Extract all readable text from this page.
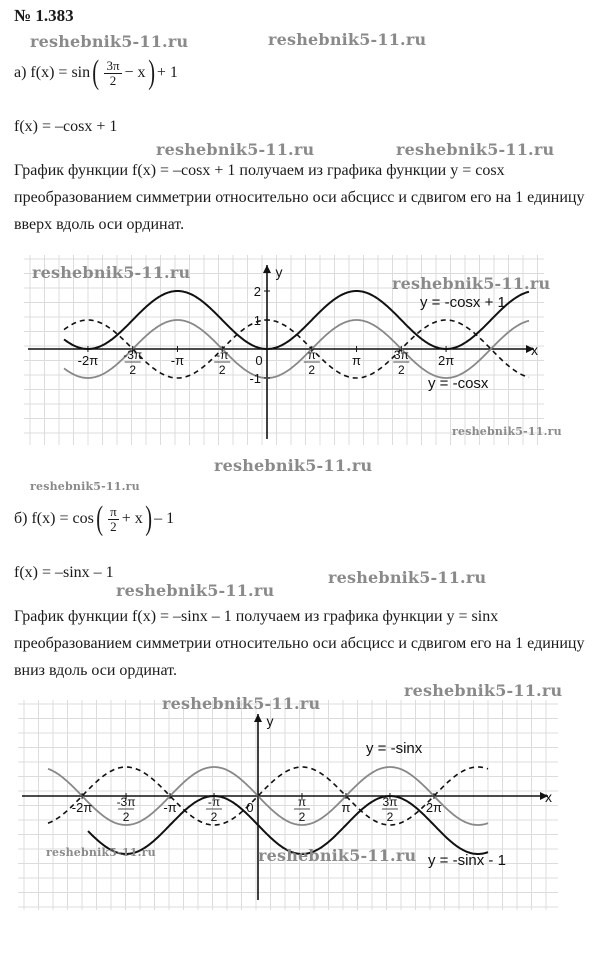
№ 1.383
reshebnik5-11.ru	reshebnik5-11.ru
reshebnik5-11.ru	reshebnik5-11.ru
а) f(x) = sin ( $\frac{3\pi}{2} - x$ ) + 1
f(x) = –cosx + 1
График функции f(x) = –cosx + 1 получаем из графика функции y = cosx преобразованием симметрии относительно оси абсцисс и сдвигом его на 1 единицу вверх вдоль оси ординат.
x
y
-2π -3π
2
-π	-π
2
0	π
2
π	3π
2
2π
2
1
-1
y = -cosx + 1
y = -cosx
reshebnik5-11.ru
reshebnik5-11.ru
reshebnik5-11.ru
reshebnik5-11.ru
reshebnik5-11.ru
б) f(x) = cos ( $\frac{\pi}{2} + x$ ) – 1
f(x) = –sinx – 1
reshebnik5-11.ru
reshebnik5-11.ru
График функции f(x) = –sinx – 1 получаем из графика функции y = sinx преобразованием симметрии относительно оси абсцисс и сдвигом его на 1 единицу вниз вдоль оси ординат.
reshebnik5-11.ru
x
y
-2π -3π
2
-π	-π
2
0	π
2
π	3π
2
2π
y = -sinx
y = -sinx - 1
reshebnik5-11.ru
reshebnik5-11.ru	reshebnik5-11.ru
